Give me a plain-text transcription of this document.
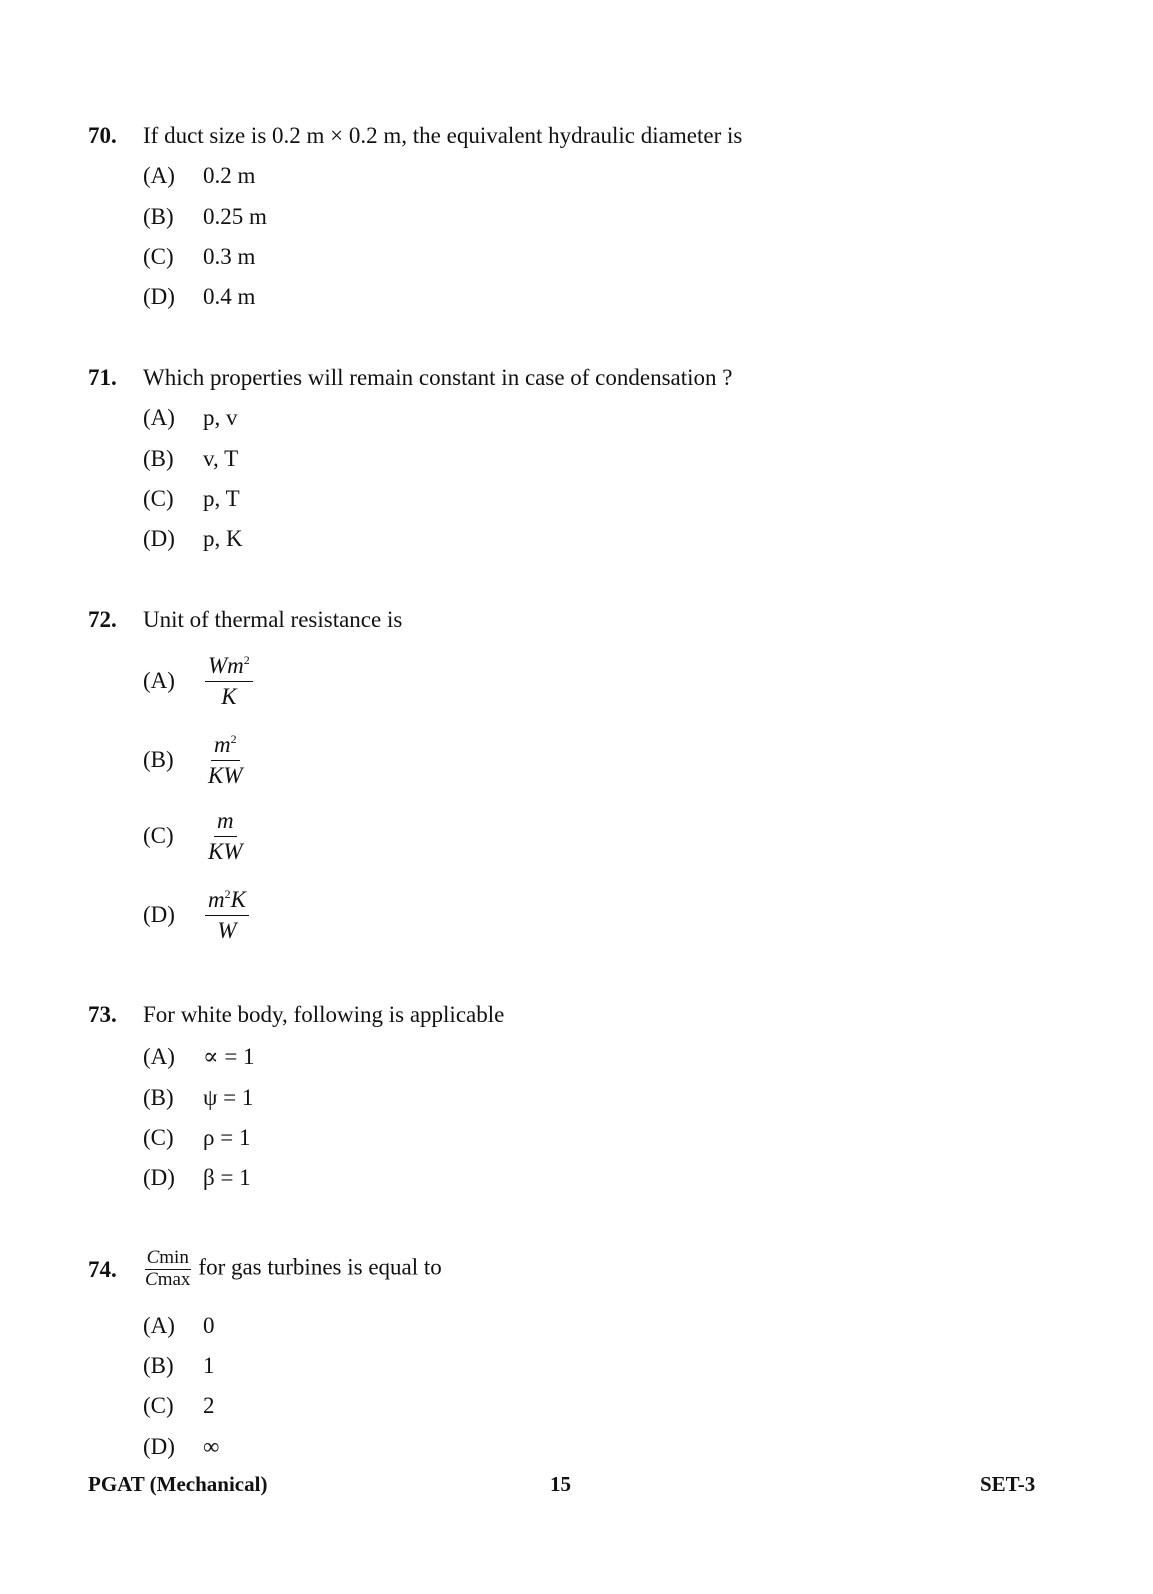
70. If duct size is 0.2 m × 0.2 m, the equivalent hydraulic diameter is
(A) 0.2 m
(B) 0.25 m
(C) 0.3 m
(D) 0.4 m
71. Which properties will remain constant in case of condensation ?
(A) p, v
(B) v, T
(C) p, T
(D) p, K
72. Unit of thermal resistance is
(A)	$\frac{Wm^2}{K}$
(B)	$\frac{m^2}{KW}$
(C)	$\frac{m}{KW}$
(D)	$\frac{m^2K}{W}$
73. For white body, following is applicable
(A) ∝ = 1
(B) ψ = 1
(C) ρ = 1
(D) β = 1
74. $\frac{Cmin}{Cmax}$ for gas turbines is equal to
(A) 0
(B) 1
(C) 2
(D) ∞
PGAT (Mechanical)	15	SET-3
